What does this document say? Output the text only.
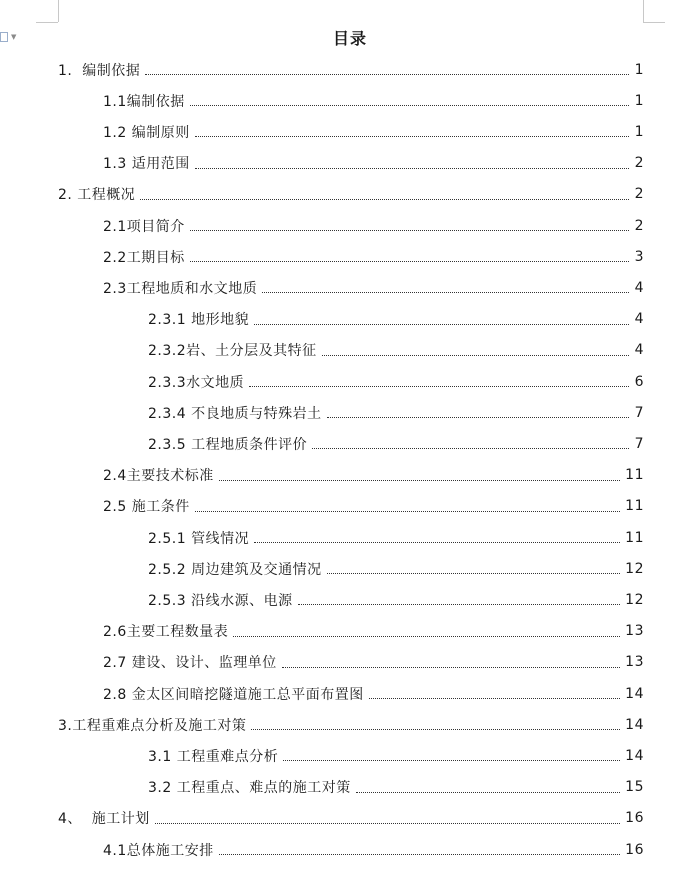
▼	目录
1.  编制依据	1
1.1编制依据	1
1.2 编制原则	1
1.3 适用范围	2
2. 工程概况	2
2.1项目简介	2
2.2工期目标	3
2.3工程地质和水文地质	4
2.3.1 地形地貌	4
2.3.2岩、土分层及其特征	4
2.3.3水文地质	6
2.3.4 不良地质与特殊岩土	7
2.3.5 工程地质条件评价	7
2.4主要技术标准	11
2.5 施工条件	11
2.5.1 管线情况	11
2.5.2 周边建筑及交通情况	12
2.5.3 沿线水源、电源	12
2.6主要工程数量表	13
2.7 建设、设计、监理单位	13
2.8 金太区间暗挖隧道施工总平面布置图	14
3.工程重难点分析及施工对策	14
3.1 工程重难点分析	14
3.2 工程重点、难点的施工对策	15
4、  施工计划	16
4.1总体施工安排	16
